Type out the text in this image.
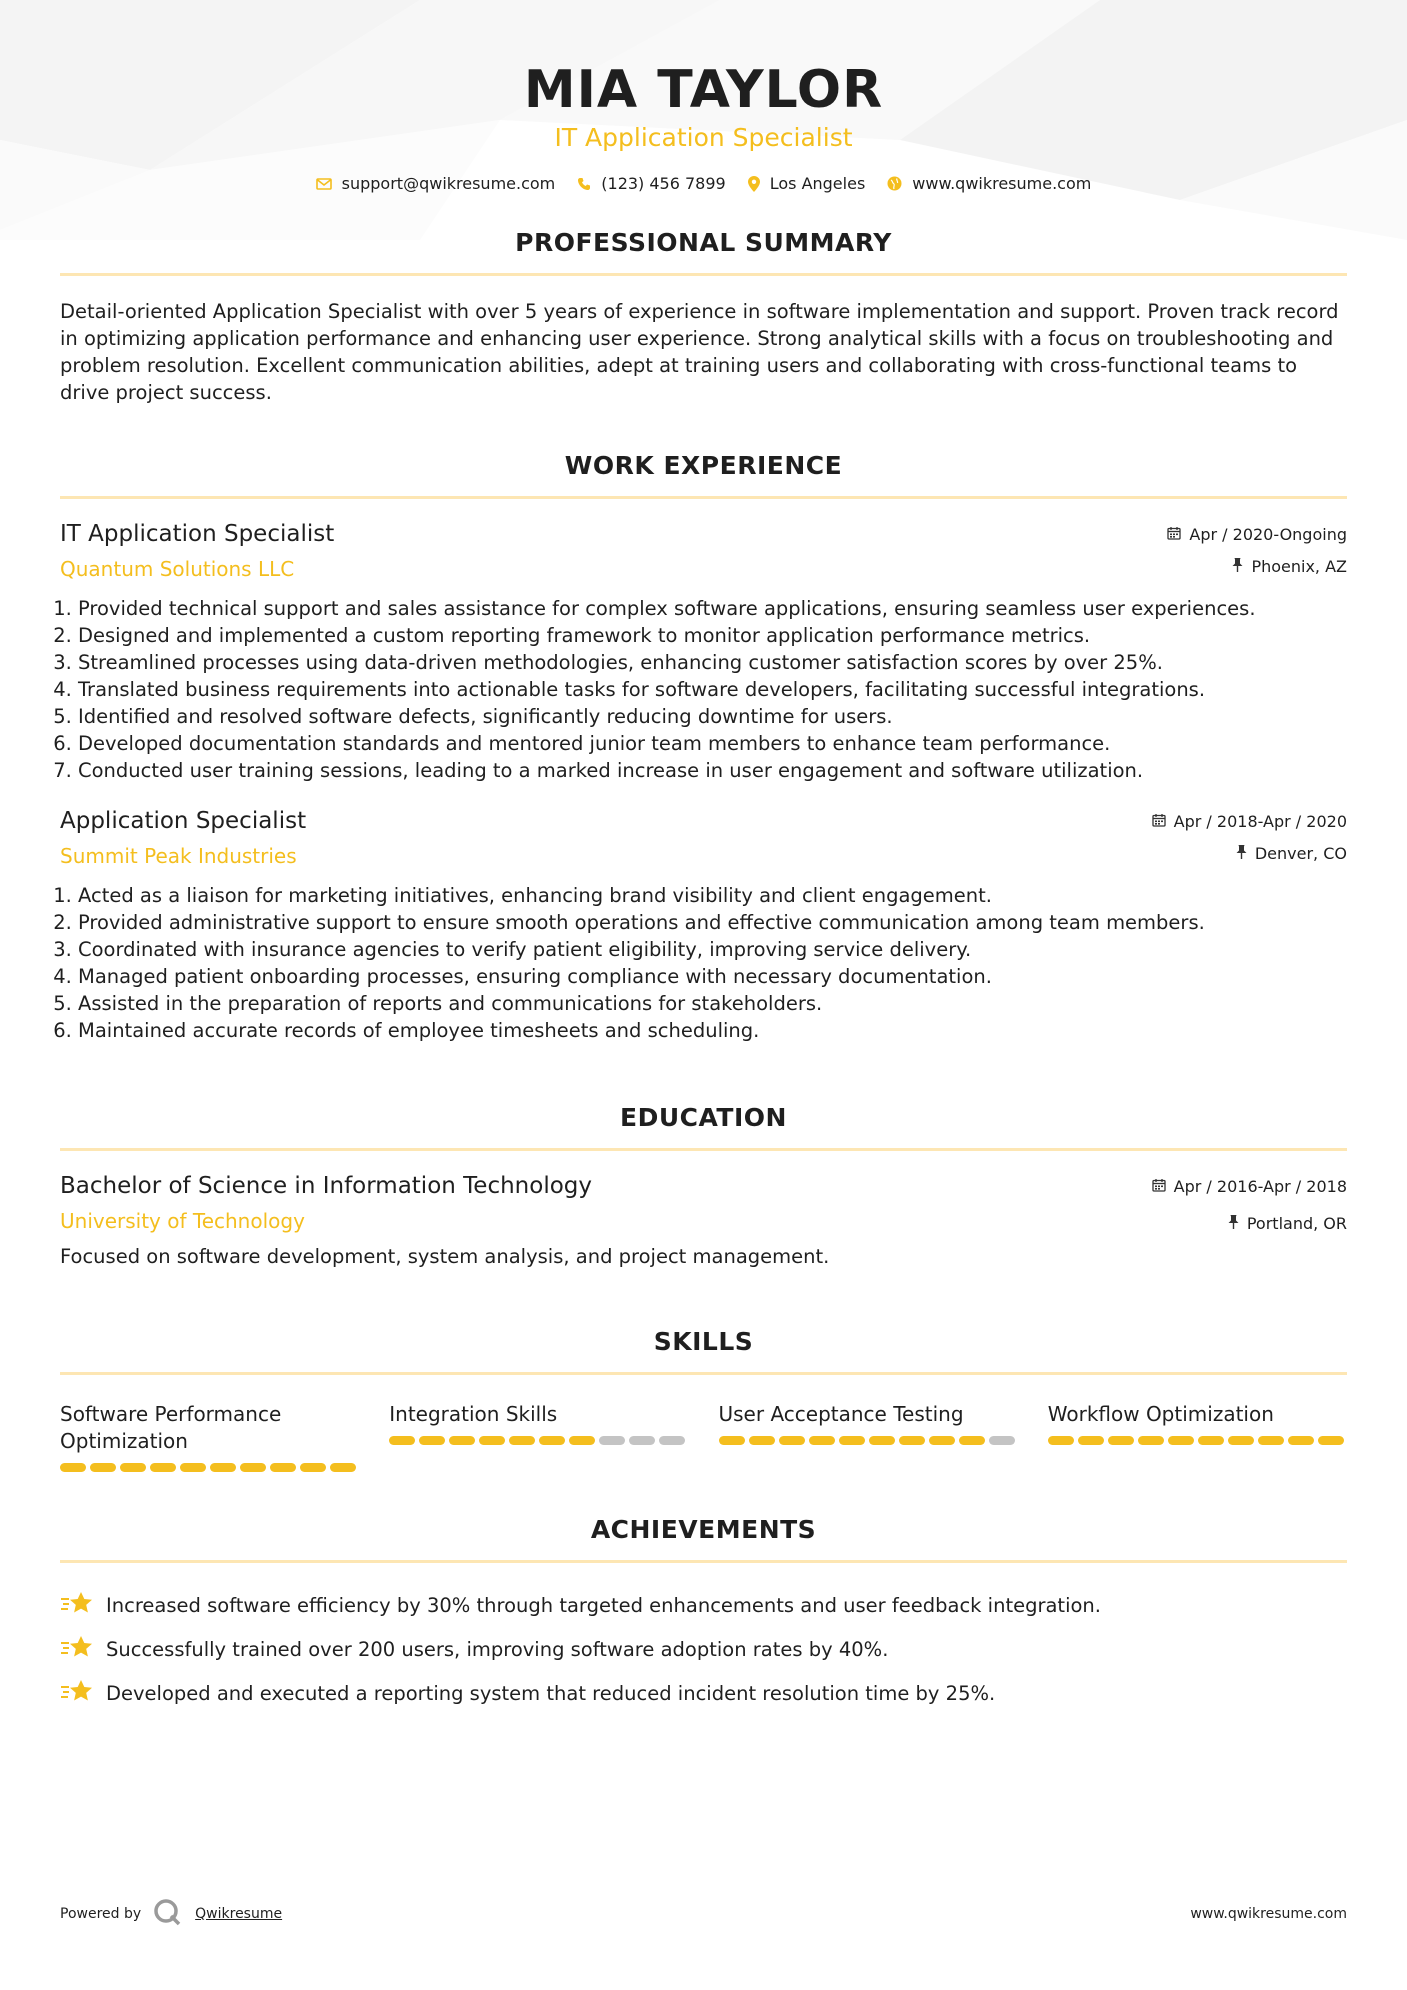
MIA TAYLOR
IT Application Specialist
support@qwikresume.com	(123) 456 7899	Los Angeles	www.qwikresume.com
PROFESSIONAL SUMMARY
Detail-oriented Application Specialist with over 5 years of experience in software implementation and support. Proven track record in optimizing application performance and enhancing user experience. Strong analytical skills with a focus on troubleshooting and problem resolution. Excellent communication abilities, adept at training users and collaborating with cross-functional teams to drive project success.
WORK EXPERIENCE
IT Application Specialist
Quantum Solutions LLC
Apr / 2020-Ongoing
Phoenix, AZ
1. Provided technical support and sales assistance for complex software applications, ensuring seamless user experiences.
2. Designed and implemented a custom reporting framework to monitor application performance metrics.
3. Streamlined processes using data-driven methodologies, enhancing customer satisfaction scores by over 25%.
4. Translated business requirements into actionable tasks for software developers, facilitating successful integrations.
5. Identified and resolved software defects, significantly reducing downtime for users.
6. Developed documentation standards and mentored junior team members to enhance team performance.
7. Conducted user training sessions, leading to a marked increase in user engagement and software utilization.
Application Specialist
Summit Peak Industries
Apr / 2018-Apr / 2020
Denver, CO
1. Acted as a liaison for marketing initiatives, enhancing brand visibility and client engagement.
2. Provided administrative support to ensure smooth operations and effective communication among team members.
3. Coordinated with insurance agencies to verify patient eligibility, improving service delivery.
4. Managed patient onboarding processes, ensuring compliance with necessary documentation.
5. Assisted in the preparation of reports and communications for stakeholders.
6. Maintained accurate records of employee timesheets and scheduling.
EDUCATION
Bachelor of Science in Information Technology
University of Technology
Apr / 2016-Apr / 2018
Portland, OR
Focused on software development, system analysis, and project management.
SKILLS
Software Performance Optimization
Integration Skills	User Acceptance Testing	Workflow Optimization
ACHIEVEMENTS
Increased software efficiency by 30% through targeted enhancements and user feedback integration.
Successfully trained over 200 users, improving software adoption rates by 40%.
Developed and executed a reporting system that reduced incident resolution time by 25%.
Powered by	Qwikresume	www.qwikresume.com
